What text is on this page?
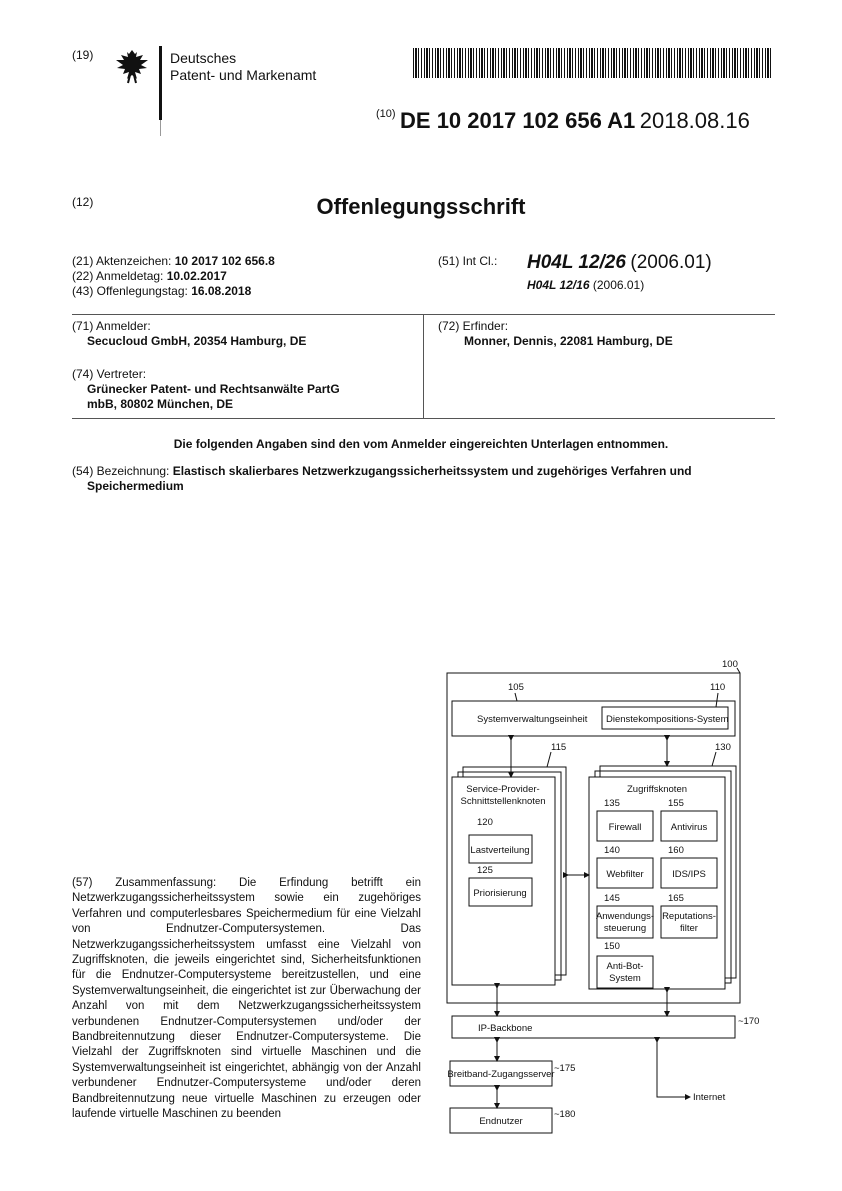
(19)	Deutsches
Patent- und Markenamt
$^{(10)}$ DE 10 2017 102 656 A1 2018.08.16
(12)	Offenlegungsschrift
(21) Aktenzeichen: 10 2017 102 656.8
(22) Anmeldetag: 10.02.2017
(43) Offenlegungstag: 16.08.2018
(51) Int Cl.: H04L 12/26 (2006.01)
H04L 12/16 (2006.01)
(71) Anmelder:
Secucloud GmbH, 20354 Hamburg, DE
(72) Erfinder:
Monner, Dennis, 22081 Hamburg, DE
(74) Vertreter:
Grünecker Patent- und Rechtsanwälte PartG
mbB, 80802 München, DE
Die folgenden Angaben sind den vom Anmelder eingereichten Unterlagen entnommen.
(54) Bezeichnung: Elastisch skalierbares Netzwerkzugangssicherheitssystem und zugehöriges Verfahren und
Speichermedium
(57) Zusammenfassung: Die Erfindung betrifft ein Netzwerkzugangssicherheitssystem sowie ein zugehöriges Verfahren und computerlesbares Speichermedium für eine Vielzahl von Endnutzer-Computersystemen. Das Netzwerkzugangssicherheitssystem umfasst eine Vielzahl von Zugriffsknoten, die jeweils eingerichtet sind, Sicherheitsfunktionen für die Endnutzer-Computersysteme bereitzustellen, und eine Systemverwaltungseinheit, die eingerichtet ist zur Überwachung der Anzahl von mit dem Netzwerkzugangssicherheitssystem verbundenen Endnutzer-Computersystemen und/oder der Bandbreitennutzung dieser Endnutzer-Computersysteme. Die Vielzahl der Zugriffsknoten sind virtuelle Maschinen und die Systemverwaltungseinheit ist eingerichtet, abhängig von der Anzahl verbundener Endnutzer-Computersysteme und/oder deren Bandbreitennutzung neue virtuelle Maschinen zu erzeugen oder laufende virtuelle Maschinen zu beenden
100
105	110
Systemverwaltungseinheit Dienstekompositions-System
115	130
Service-Provider-
Schnittstellenknoten
120
Lastverteilung
125
Priorisierung
Zugriffsknoten
135	155
Firewall	Antivirus
140	160
Webfilter	IDS/IPS
145	165
Anwendungs-
steuerung
Reputations-
filter
150
Anti-Bot-
System
IP-Backbone
~170
Breitband-Zugangsserver
~175
Internet
Endnutzer
~180
